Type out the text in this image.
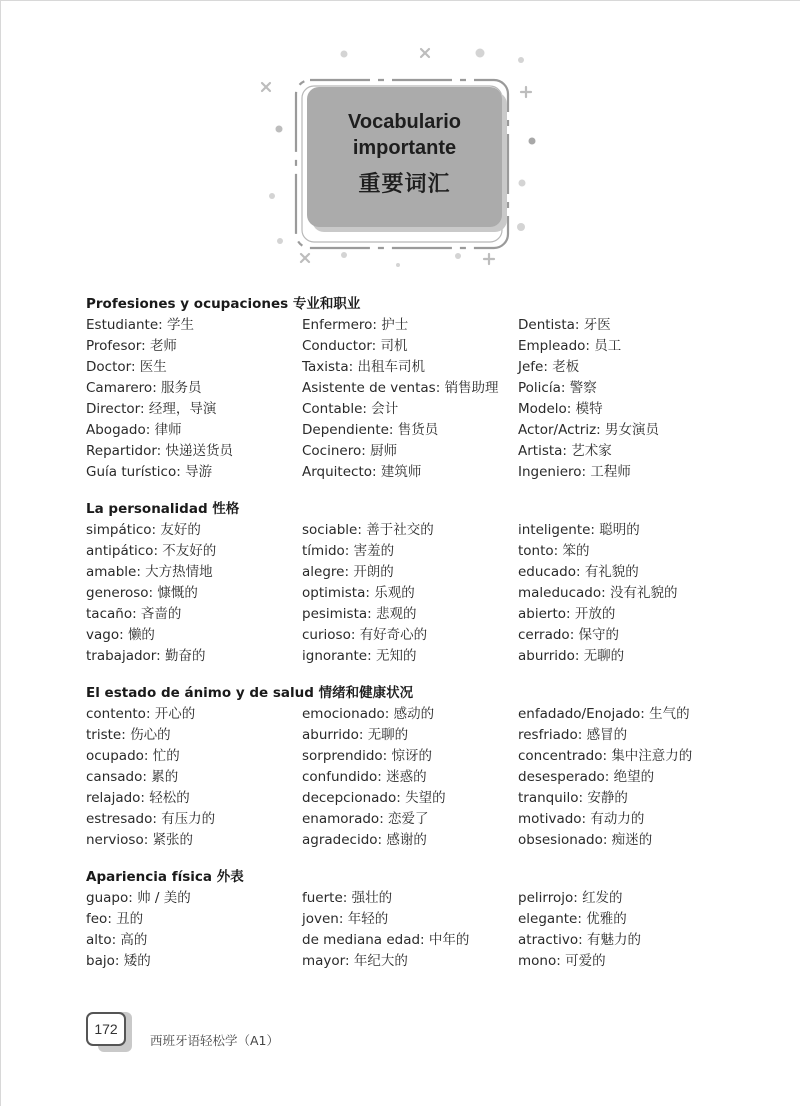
Vocabulario
importante
重要词汇
Profesiones y ocupaciones 专业和职业
Estudiante: 学生	Enfermero: 护士	Dentista: 牙医
Profesor: 老师	Conductor: 司机	Empleado: 员工
Doctor: 医生	Taxista: 出租车司机	Jefe: 老板
Camarero: 服务员	Asistente de ventas: 销售助理 Policía: 警察
Director: 经理，导演	Contable: 会计	Modelo: 模特
Abogado: 律师	Dependiente: 售货员	Actor/Actriz: 男女演员
Repartidor: 快递送货员	Cocinero: 厨师	Artista: 艺术家
Guía turístico: 导游	Arquitecto: 建筑师	Ingeniero: 工程师
La personalidad 性格
simpático: 友好的	sociable: 善于社交的	inteligente: 聪明的
antipático: 不友好的	tímido: 害羞的	tonto: 笨的
amable: 大方热情地	alegre: 开朗的	educado: 有礼貌的
generoso: 慷慨的	optimista: 乐观的	maleducado: 没有礼貌的
tacaño: 吝啬的	pesimista: 悲观的	abierto: 开放的
vago: 懒的	curioso: 有好奇心的	cerrado: 保守的
trabajador: 勤奋的	ignorante: 无知的	aburrido: 无聊的
El estado de ánimo y de salud 情绪和健康状况
contento: 开心的	emocionado: 感动的	enfadado/Enojado: 生气的
triste: 伤心的	aburrido: 无聊的	resfriado: 感冒的
ocupado: 忙的	sorprendido: 惊讶的	concentrado: 集中注意力的
cansado: 累的	confundido: 迷惑的	desesperado: 绝望的
relajado: 轻松的	decepcionado: 失望的	tranquilo: 安静的
estresado: 有压力的	enamorado: 恋爱了	motivado: 有动力的
nervioso: 紧张的	agradecido: 感谢的	obsesionado: 痴迷的
Apariencia física 外表
guapo: 帅 / 美的	fuerte: 强壮的	pelirrojo: 红发的
feo: 丑的	joven: 年轻的	elegante: 优雅的
alto: 高的	de mediana edad: 中年的	atractivo: 有魅力的
bajo: 矮的	mayor: 年纪大的	mono: 可爱的
172
西班牙语轻松学（A1）
